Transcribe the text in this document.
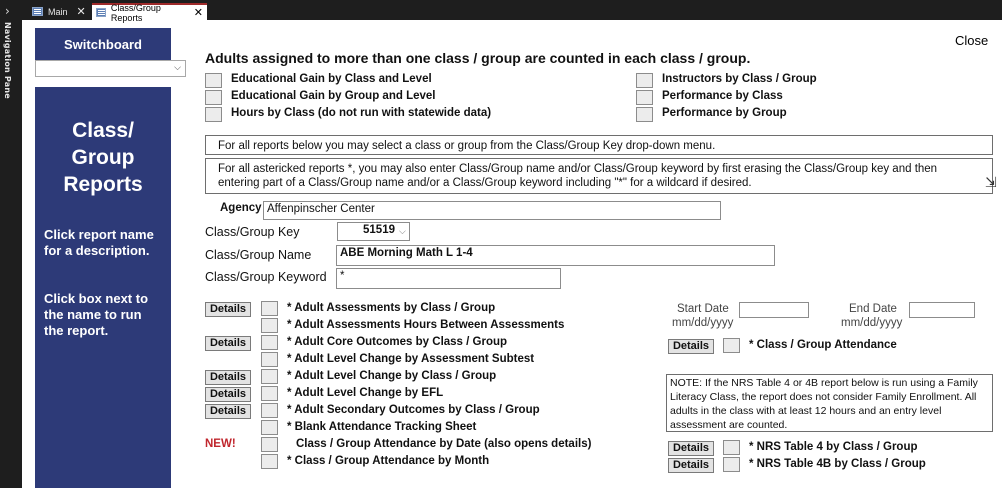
›
Navigation Pane
Main ✕	Class/Group Reports	✕
Switchboard
⌵
Class/
Group
Reports
Click report name for a description.
Click box next to the name to run the report.
Close
Adults assigned to more than one class / group are counted in each class / group.
Educational Gain by Class and Level
Educational Gain by Group and Level
Hours by Class (do not run with statewide data)
Instructors by Class / Group
Performance by Class
Performance by Group
For all reports below you may select a class or group from the Class/Group Key drop-down menu.
For all astericked reports *, you may also enter Class/Group name and/or Class/Group keyword by first erasing the Class/Group key and then entering part of a Class/Group name and/or a Class/Group keyword including "*" for a wildcard if desired.
Agency Affenpinscher Center
Class/Group Key	51519 ⌵
Class/Group Name	ABE Morning Math L 1-4
Class/Group Keyword	*
Details	* Adult Assessments by Class / Group
* Adult Assessments Hours Between Assessments
Details	* Adult Core Outcomes by Class / Group
* Adult Level Change by Assessment Subtest
Details	* Adult Level Change by Class / Group
Details	* Adult Level Change by EFL
Details	* Adult Secondary Outcomes by Class / Group
* Blank Attendance Tracking Sheet
NEW!	Class / Group Attendance by Date (also opens details)
* Class / Group Attendance by Month
Start Date
mm/dd/yyyy
End Date
mm/dd/yyyy
Details	* Class / Group Attendance
NOTE: If the NRS Table 4 or 4B report below is run using a Family Literacy Class, the report does not consider Family Enrollment. All adults in the class with at least 12 hours and an entry level assessment are counted.
Details	* NRS Table 4 by Class / Group
Details	* NRS Table 4B by Class / Group
⇲
